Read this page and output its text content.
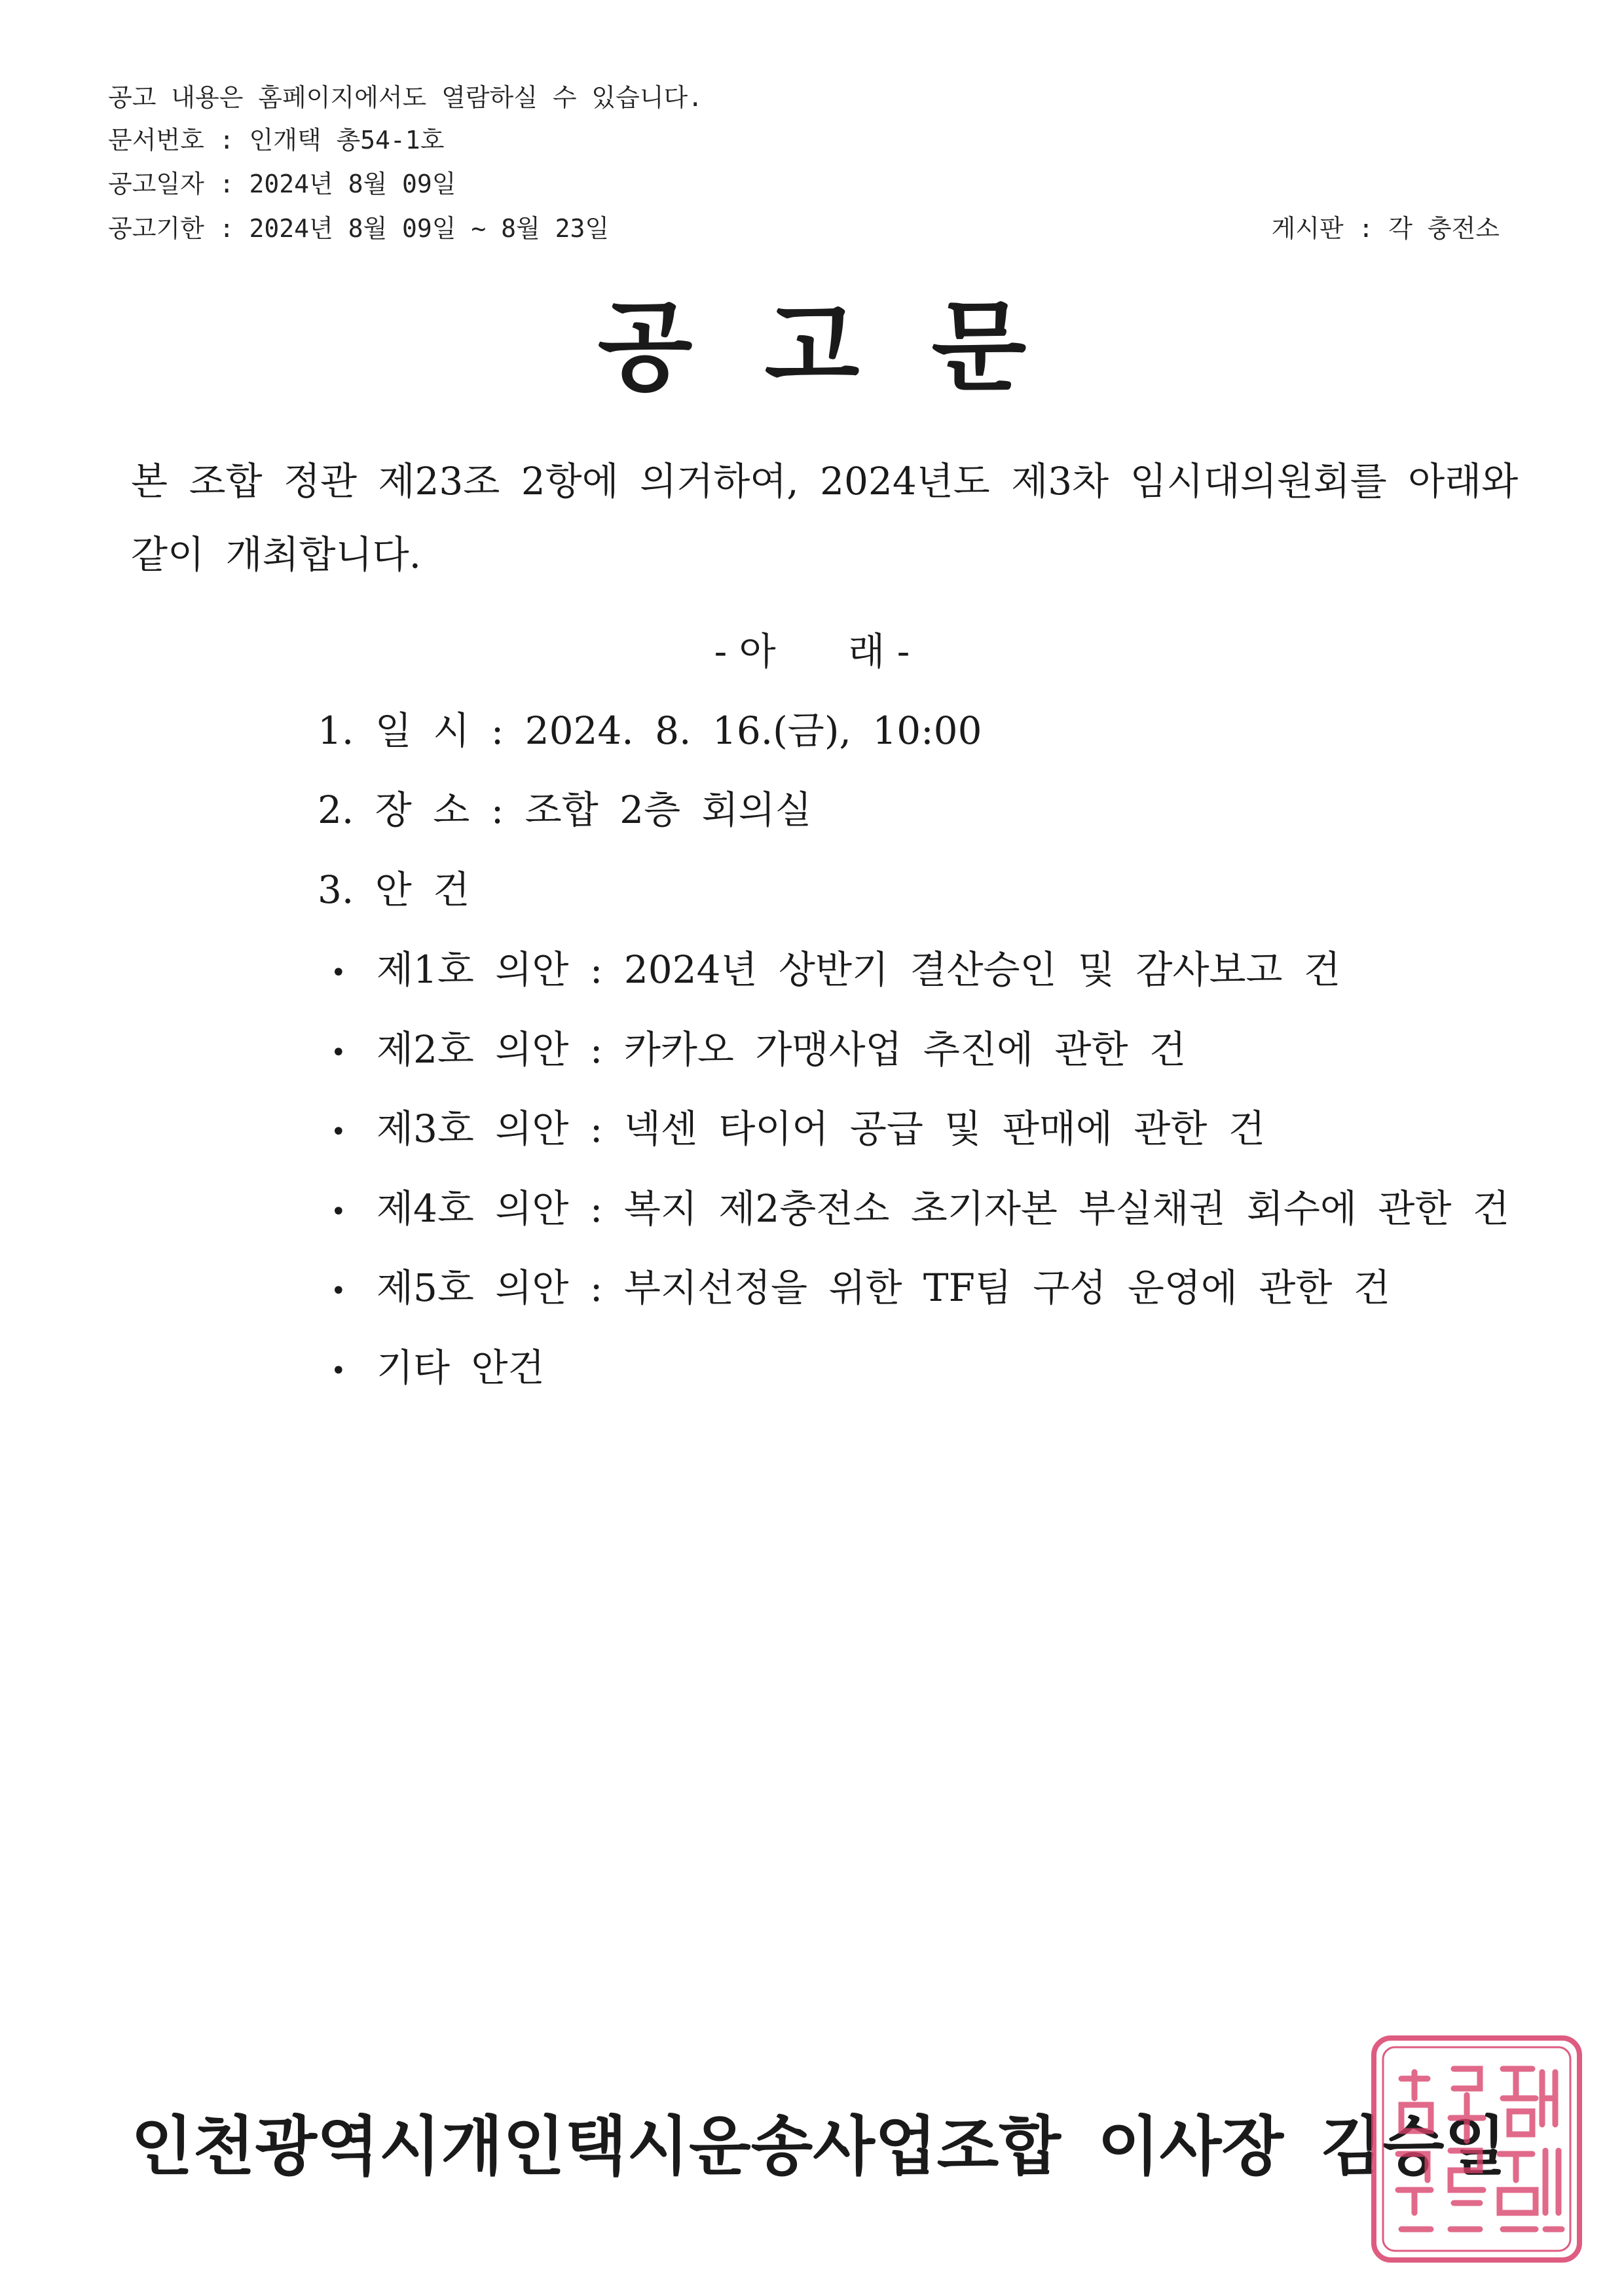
공고 내용은 홈페이지에서도 열람하실 수 있습니다.
문서번호 : 인개택 총54-1호
공고일자 : 2024년 8월 09일
공고기한 : 2024년 8월 09일 ~ 8월 23일	게시판 : 각 충전소
공고문
본 조합 정관 제23조 2항에 의거하여, 2024년도 제3차 임시대의원회를 아래와
같이 개최합니다.
- 아      래 -
1. 일 시 : 2024. 8. 16.(금), 10:00
2. 장 소 : 조합 2층 회의실
3. 안 건
• 제1호 의안 : 2024년 상반기 결산승인 및 감사보고 건
• 제2호 의안 : 카카오 가맹사업 추진에 관한 건
• 제3호 의안 : 넥센 타이어 공급 및 판매에 관한 건
• 제4호 의안 : 복지 제2충전소 초기자본 부실채권 회수에 관한 건
• 제5호 의안 : 부지선정을 위한 TF팀 구성 운영에 관한 건
• 기타 안건
인천광역시개인택시운송사업조합 이사장 김승일
